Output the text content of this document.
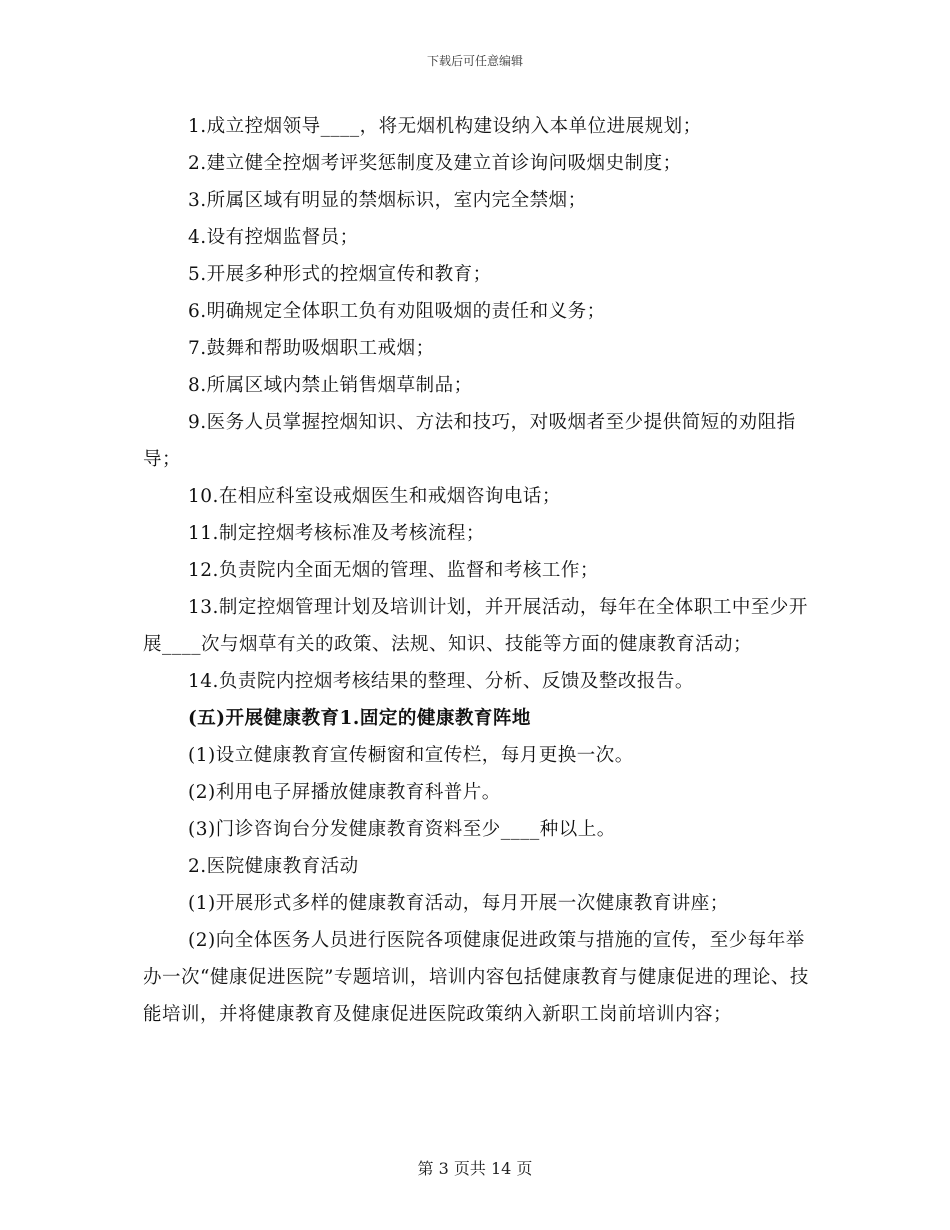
下载后可任意编辑

1.成立控烟领导____，将无烟机构建设纳入本单位进展规划；

2.建立健全控烟考评奖惩制度及建立首诊询问吸烟史制度；

3.所属区域有明显的禁烟标识，室内完全禁烟；

4.设有控烟监督员；

5.开展多种形式的控烟宣传和教育；

6.明确规定全体职工负有劝阻吸烟的责任和义务；

7.鼓舞和帮助吸烟职工戒烟；

8.所属区域内禁止销售烟草制品；

9.医务人员掌握控烟知识、方法和技巧，对吸烟者至少提供简短的劝阻指导；

10.在相应科室设戒烟医生和戒烟咨询电话；

11.制定控烟考核标准及考核流程；

12.负责院内全面无烟的管理、监督和考核工作；

13.制定控烟管理计划及培训计划，并开展活动，每年在全体职工中至少开展____次与烟草有关的政策、法规、知识、技能等方面的健康教育活动；

14.负责院内控烟考核结果的整理、分析、反馈及整改报告。

(五)开展健康教育1.固定的健康教育阵地

(1)设立健康教育宣传橱窗和宣传栏，每月更换一次。

(2)利用电子屏播放健康教育科普片。

(3)门诊咨询台分发健康教育资料至少____种以上。

2.医院健康教育活动

(1)开展形式多样的健康教育活动，每月开展一次健康教育讲座；

(2)向全体医务人员进行医院各项健康促进政策与措施的宣传，至少每年举办一次“健康促进医院”专题培训，培训内容包括健康教育与健康促进的理论、技能培训，并将健康教育及健康促进医院政策纳入新职工岗前培训内容；

第 3 页共 14 页
